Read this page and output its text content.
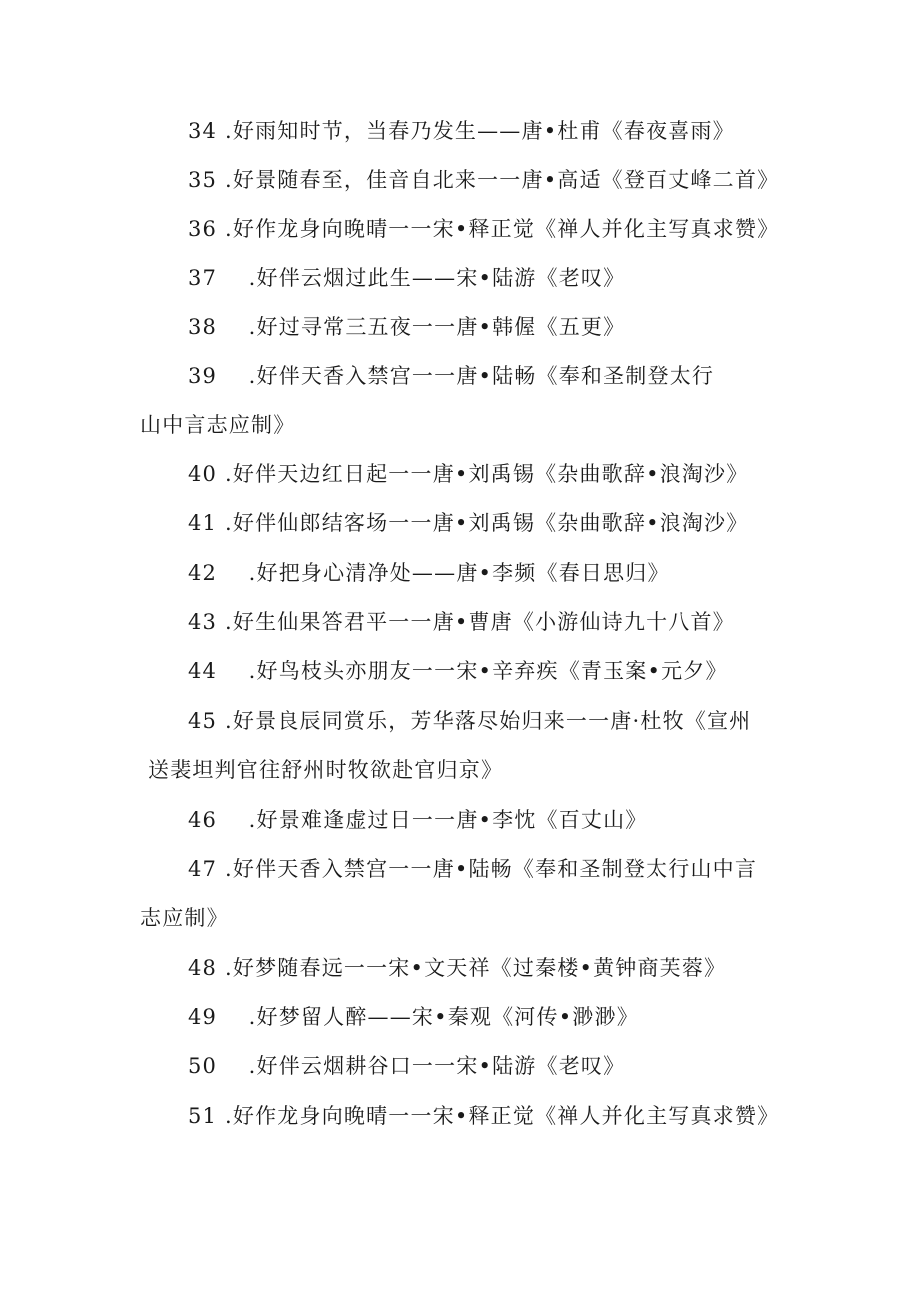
34 .好雨知时节，当春乃发生——唐•杜甫《春夜喜雨》
35 .好景随春至，佳音自北来一一唐•高适《登百丈峰二首》
36 .好作龙身向晚晴一一宋•释正觉《禅人并化主写真求赞》
37    .好伴云烟过此生——宋•陆游《老叹》
38    .好过寻常三五夜一一唐•韩偓《五更》
39    .好伴天香入禁宫一一唐•陆畅《奉和圣制登太行
山中言志应制》
40 .好伴天边红日起一一唐•刘禹锡《杂曲歌辞•浪淘沙》
41 .好伴仙郎结客场一一唐•刘禹锡《杂曲歌辞•浪淘沙》
42    .好把身心清净处——唐•李频《春日思归》
43 .好生仙果答君平一一唐•曹唐《小游仙诗九十八首》
44    .好鸟枝头亦朋友一一宋•辛弃疾《青玉案•元夕》
45 .好景良辰同赏乐，芳华落尽始归来一一唐·杜牧《宣州
送裴坦判官往舒州时牧欲赴官归京》
46    .好景难逢虚过日一一唐•李忱《百丈山》
47 .好伴天香入禁宫一一唐•陆畅《奉和圣制登太行山中言
志应制》
48 .好梦随春远一一宋•文天祥《过秦楼•黄钟商芙蓉》
49    .好梦留人醉——宋•秦观《河传•渺渺》
50    .好伴云烟耕谷口一一宋•陆游《老叹》
51 .好作龙身向晚晴一一宋•释正觉《禅人并化主写真求赞》
